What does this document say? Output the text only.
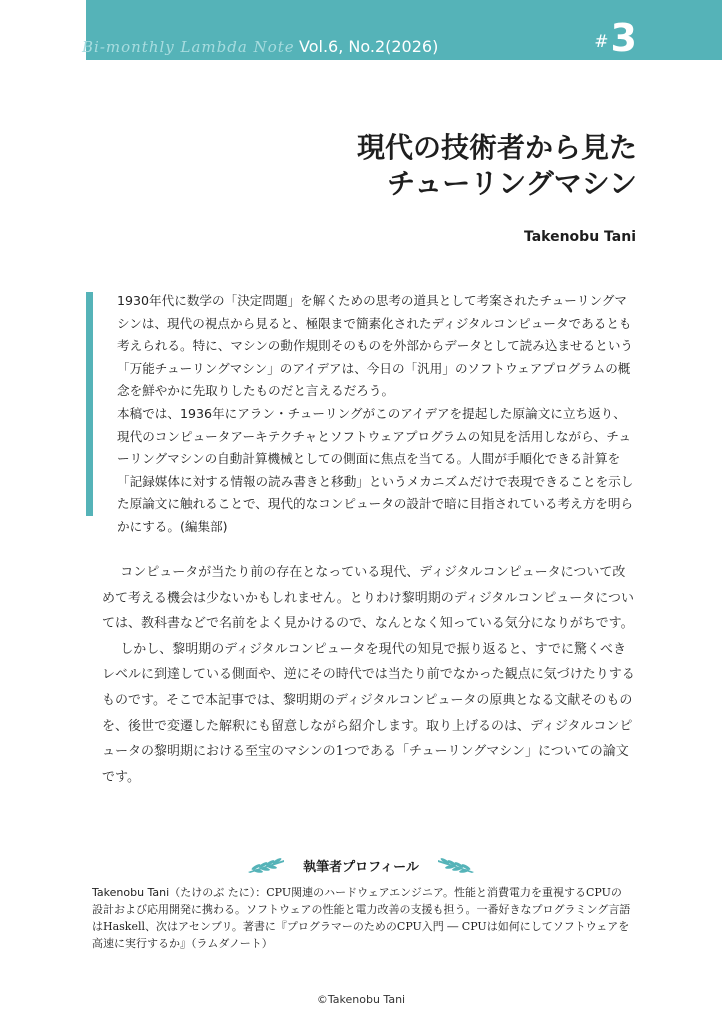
Bi-monthly Lambda Note Vol.6, No.2(2026)	#3
現代の技術者から見た
チューリングマシン
Takenobu Tani

1930年代に数学の「決定問題」を解くための思考の道具として考案されたチューリングマシンは、現代の視点から見ると、極限まで簡素化されたディジタルコンピュータであるとも考えられる。特に、マシンの動作規則そのものを外部からデータとして読み込ませるという「万能チューリングマシン」のアイデアは、今日の「汎用」のソフトウェアプログラムの概念を鮮やかに先取りしたものだと言えるだろう。

本稿では、1936年にアラン・チューリングがこのアイデアを提起した原論文に立ち返り、現代のコンピュータアーキテクチャとソフトウェアプログラムの知見を活用しながら、チューリングマシンの自動計算機械としての側面に焦点を当てる。人間が手順化できる計算を「記録媒体に対する情報の読み書きと移動」というメカニズムだけで表現できることを示した原論文に触れることで、現代的なコンピュータの設計で暗に目指されている考え方を明らかにする。(編集部)

コンピュータが当たり前の存在となっている現代、ディジタルコンピュータについて改めて考える機会は少ないかもしれません。とりわけ黎明期のディジタルコンピュータについては、教科書などで名前をよく見かけるので、なんとなく知っている気分になりがちです。

しかし、黎明期のディジタルコンピュータを現代の知見で振り返ると、すでに驚くべきレベルに到達している側面や、逆にその時代では当たり前でなかった観点に気づけたりするものです。そこで本記事では、黎明期のディジタルコンピュータの原典となる文献そのものを、後世で変遷した解釈にも留意しながら紹介します。取り上げるのは、ディジタルコンピュータの黎明期における至宝のマシンの1つである「チューリングマシン」についての論文です。

執筆者プロフィール
Takenobu Tani（たけのぶ たに）：CPU関連のハードウェアエンジニア。性能と消費電力を重視するCPUの設計および応用開発に携わる。ソフトウェアの性能と電力改善の支援も担う。一番好きなプログラミング言語はHaskell、次はアセンブリ。著書に『プログラマーのためのCPU入門 ― CPUは如何にしてソフトウェアを高速に実行するか』（ラムダノート）
©Takenobu Tani
